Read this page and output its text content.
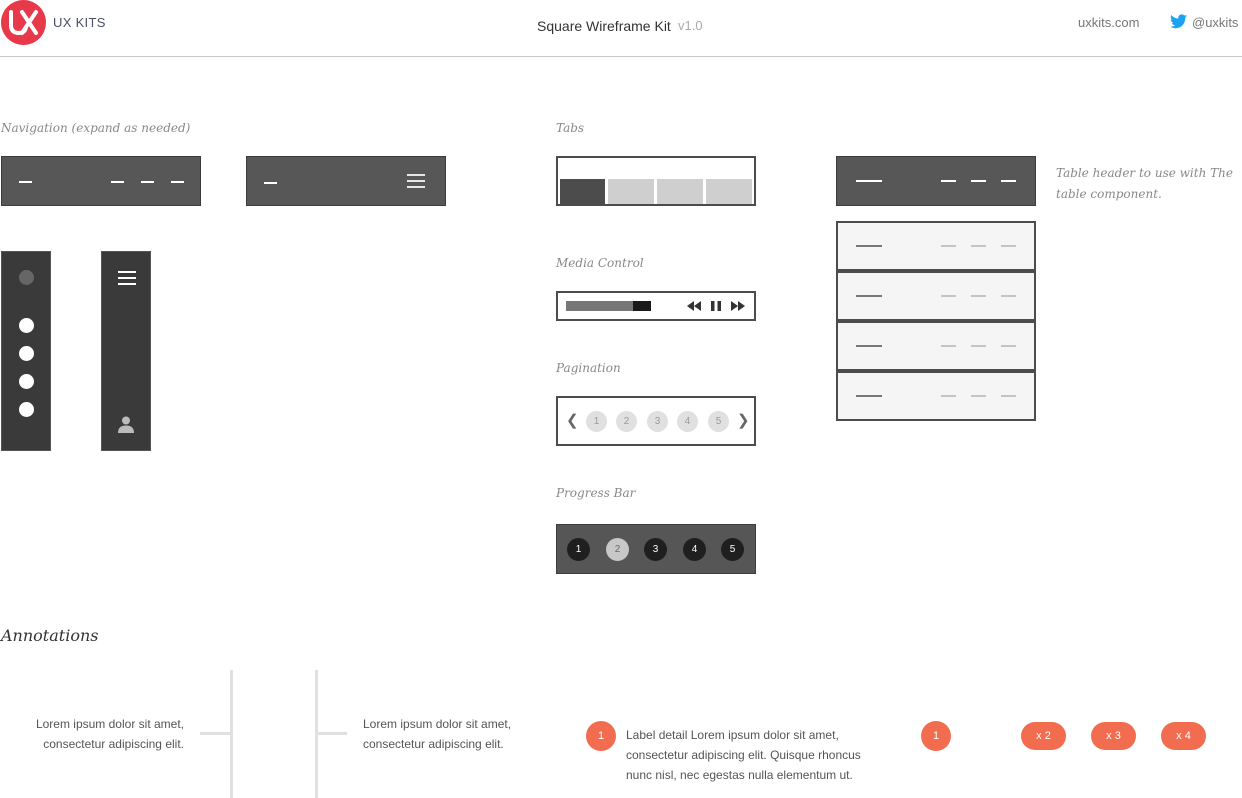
UX KITS	Square Wireframe Kit v1.0	uxkits.com	@uxkits
Navigation (expand as needed)	Tabs
Media Control
Pagination
❮	1	2	3	4	5	❯
Progress Bar
1	2	3	4	5
Table header to use with The table component.
Annotations
Lorem ipsum dolor sit amet,
consectetur adipiscing elit.
Lorem ipsum dolor sit amet,
consectetur adipiscing elit.
1	Label detail Lorem ipsum dolor sit amet,
consectetur adipiscing elit. Quisque rhoncus
nunc nisl, nec egestas nulla elementum ut.
1	x 2	x 3	x 4
